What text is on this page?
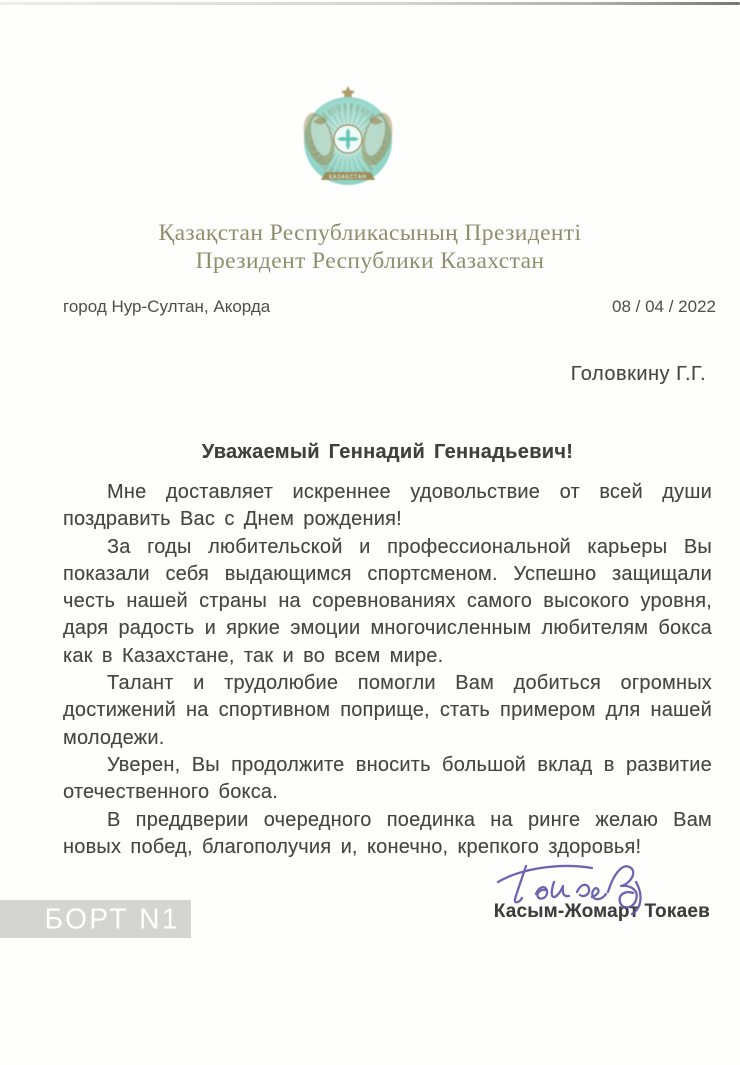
ҚАЗАҚСТАН
Қазақстан Республикасының Президенті
Президент Республики Казахстан
город Нур-Султан, Акорда	08 / 04 / 2022
Головкину Г.Г.
Уважаемый Геннадий Геннадьевич!

Мне доставляет искреннее удовольствие от всей души поздравить Вас с Днем рождения!

За годы любительской и профессиональной карьеры Вы показали себя выдающимся спортсменом. Успешно защищали честь нашей страны на соревнованиях самого высокого уровня, даря радость и яркие эмоции многочисленным любителям бокса как в Казахстане, так и во всем мире.

Талант и трудолюбие помогли Вам добиться огромных достижений на спортивном поприще, стать примером для нашей молодежи.

Уверен, Вы продолжите вносить большой вклад в развитие отечественного бокса.

В преддверии очередного поединка на ринге желаю Вам новых побед, благополучия и, конечно, крепкого здоровья!

Касым-Жомарт Токаев
БОРТ N1
